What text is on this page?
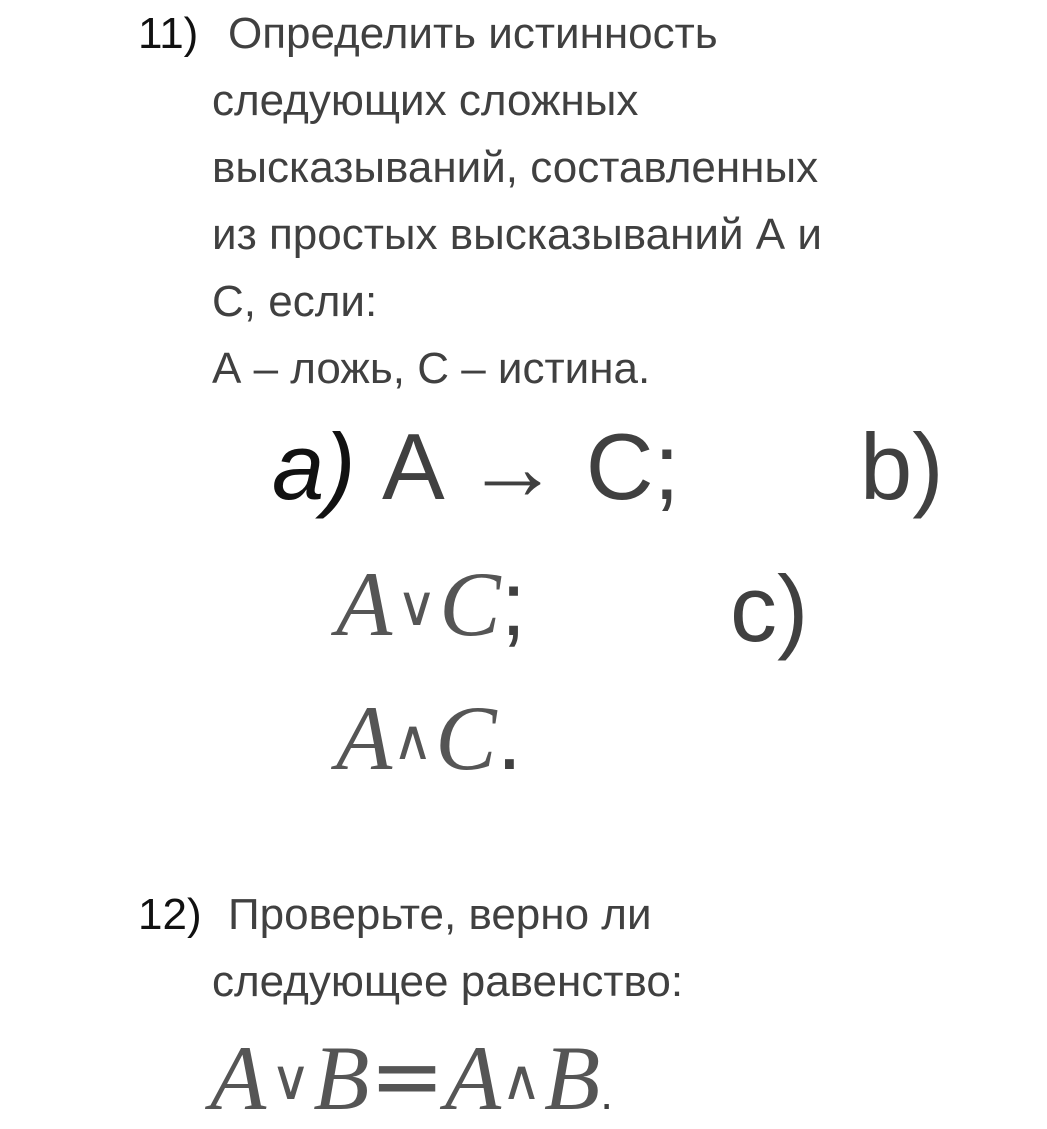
11) Определить истинность
следующих сложных
высказываний, составленных
из простых высказываний А и
С, если:
А – ложь, С – истина.
a) A → C; b)
A∨C; c)
A∧C.
12) Проверьте, верно ли
следующее равенство:
A∨B=A∧B.
